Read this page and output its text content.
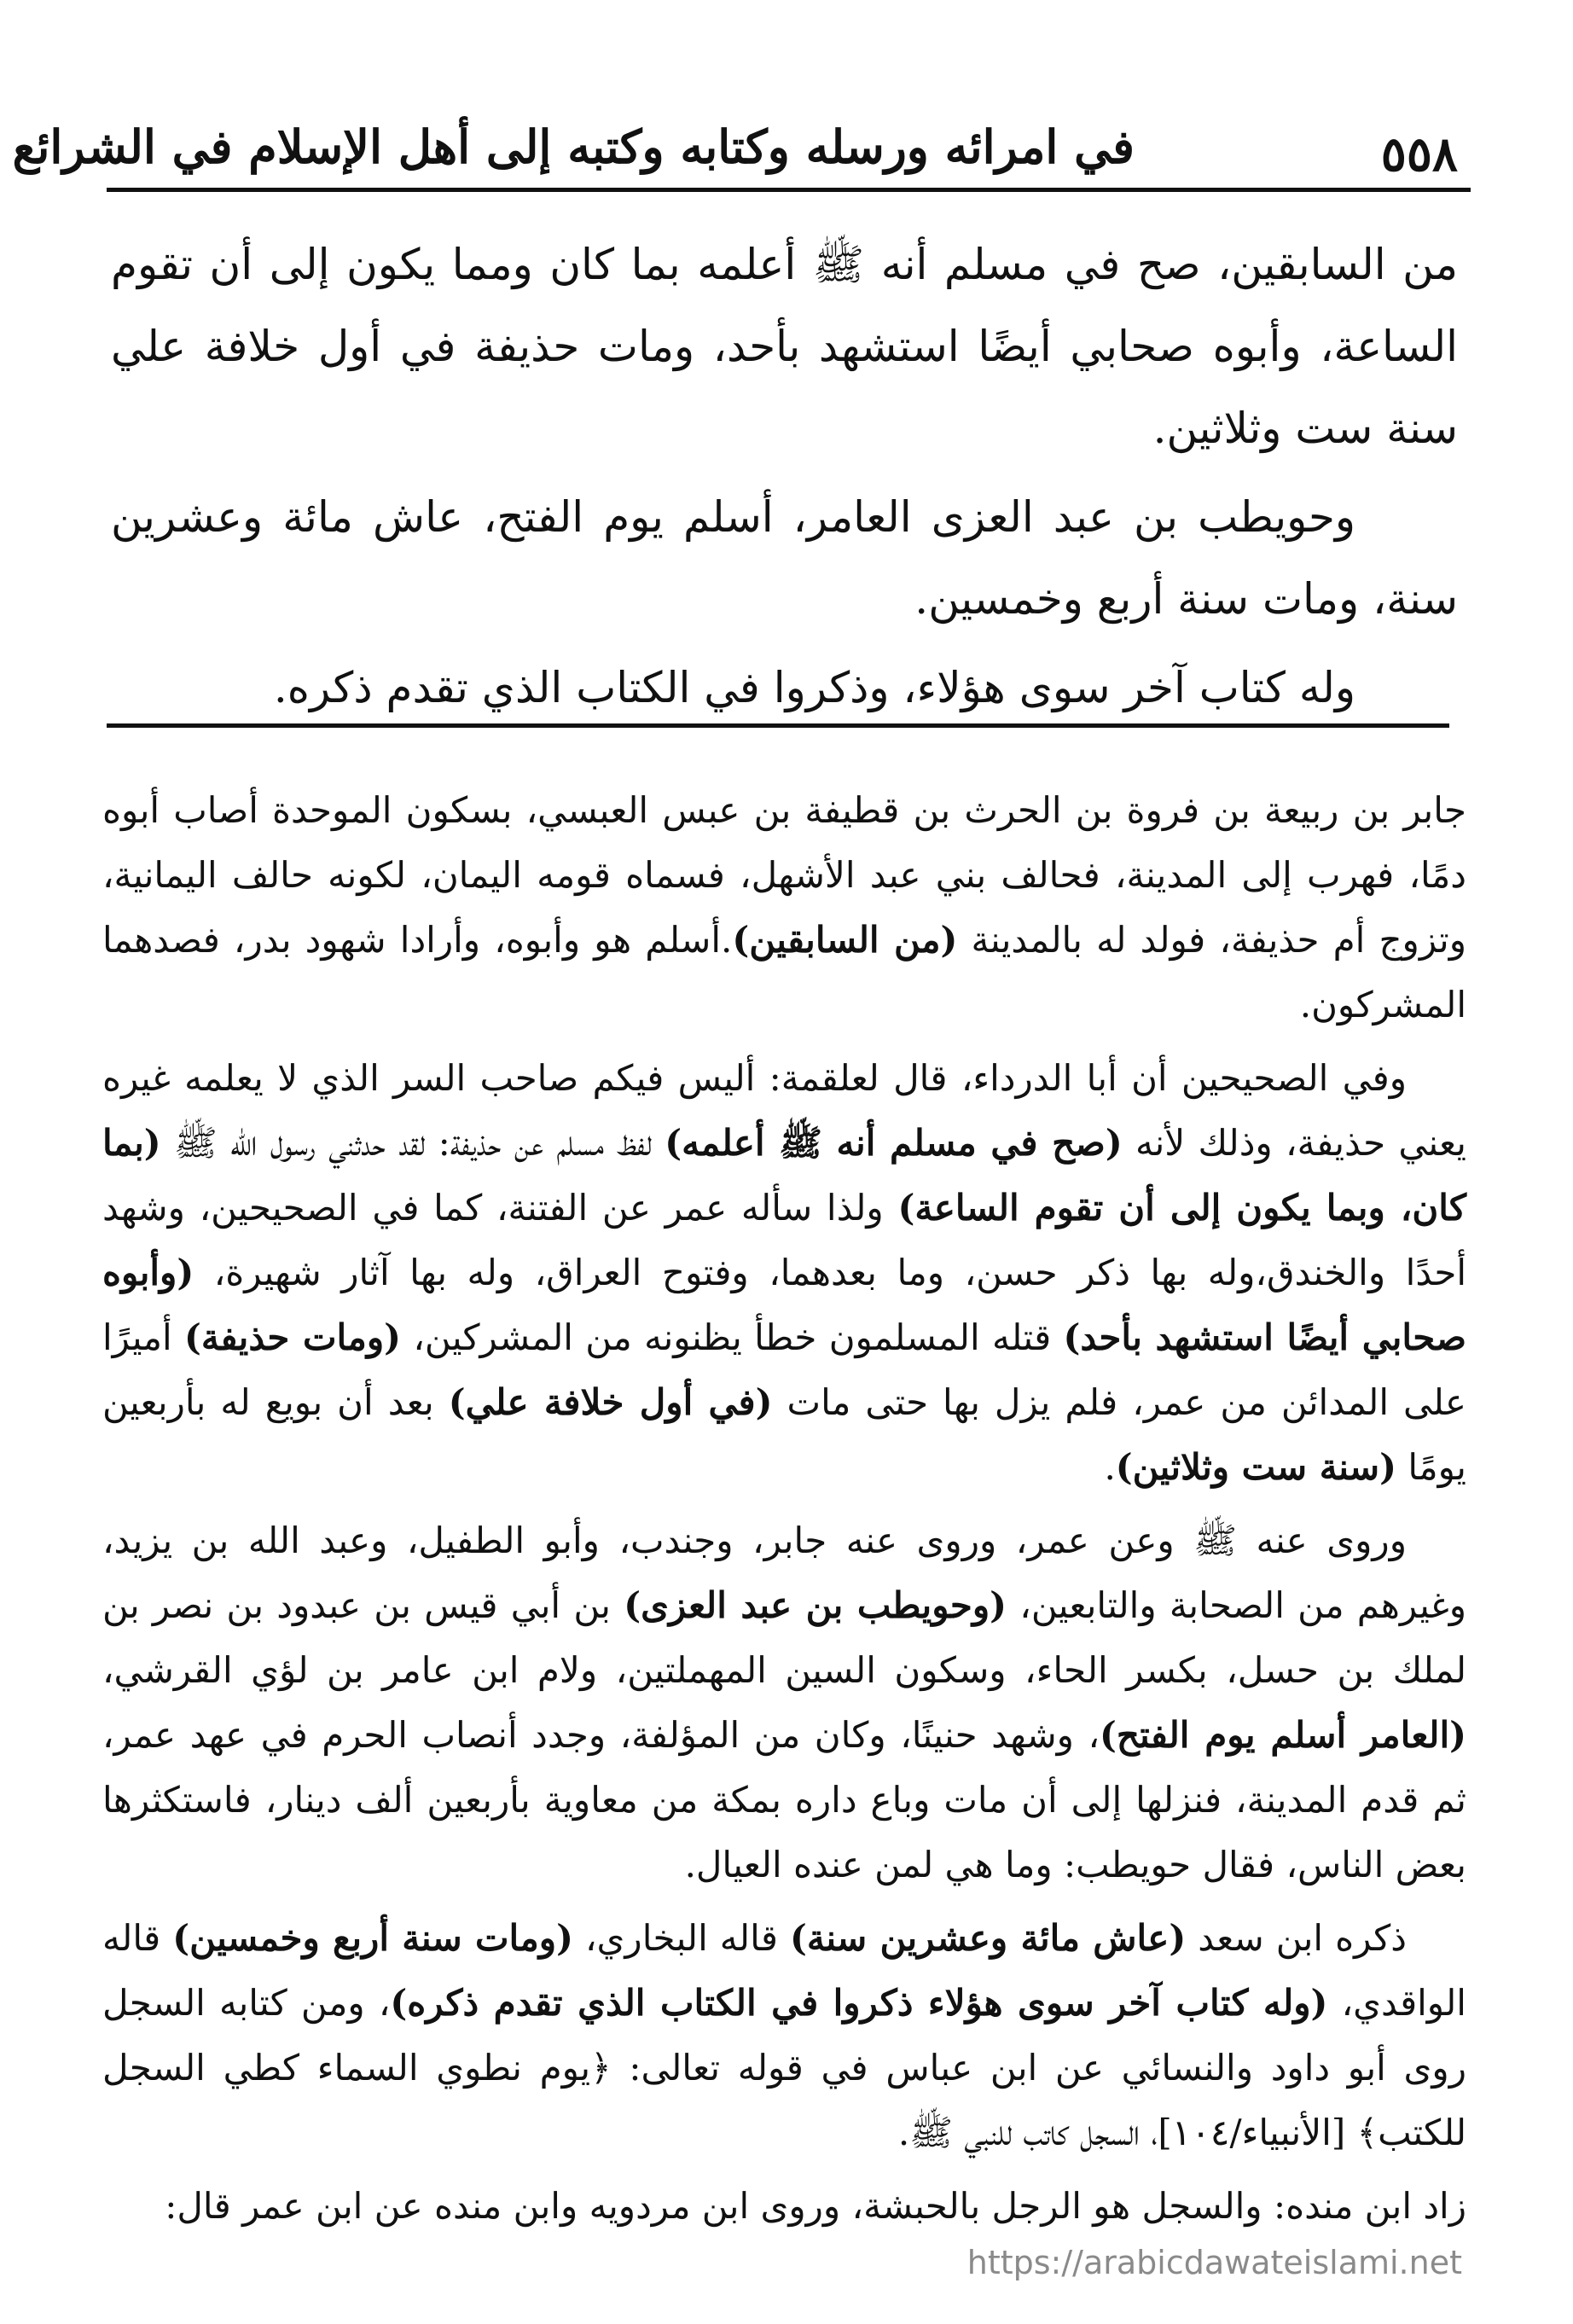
٥٥٨
في امرائه ورسله وكتابه وكتبه إلى أهل الإسلام في الشرائع

من السابقين، صح في مسلم أنه ﷺ أعلمه بما كان ومما يكون إلى أن تقوم الساعة، وأبوه صحابي أيضًا استشهد بأحد، ومات حذيفة في أول خلافة علي سنة ست وثلاثين.

وحويطب بن عبد العزى العامر، أسلم يوم الفتح، عاش مائة وعشرين سنة، ومات سنة أربع وخمسين.

وله كتاب آخر سوى هؤلاء، وذكروا في الكتاب الذي تقدم ذكره.

جابر بن ربيعة بن فروة بن الحرث بن قطيفة بن عبس العبسي، بسكون الموحدة أصاب أبوه دمًا، فهرب إلى المدينة، فحالف بني عبد الأشهل، فسماه قومه اليمان، لكونه حالف اليمانية، وتزوج أم حذيفة، فولد له بالمدينة (من السابقين).أسلم هو وأبوه، وأرادا شهود بدر، فصدهما المشركون.

وفي الصحيحين أن أبا الدرداء، قال لعلقمة: أليس فيكم صاحب السر الذي لا يعلمه غيره يعني حذيفة، وذلك لأنه (صح في مسلم أنه ﷺ أعلمه) لفظ مسلم عن حذيفة: لقد حدثني رسول الله ﷺ (بما كان، وبما يكون إلى أن تقوم الساعة) ولذا سأله عمر عن الفتنة، كما في الصحيحين، وشهد أحدًا والخندق،وله بها ذكر حسن، وما بعدهما، وفتوح العراق، وله بها آثار شهيرة، (وأبوه صحابي أيضًا استشهد بأحد) قتله المسلمون خطأ يظنونه من المشركين، (ومات حذيفة) أميرًا على المدائن من عمر، فلم يزل بها حتى مات (في أول خلافة علي) بعد أن بويع له بأربعين يومًا (سنة ست وثلاثين).

وروى عنه ﷺ وعن عمر، وروى عنه جابر، وجندب، وأبو الطفيل، وعبد الله بن يزيد، وغيرهم من الصحابة والتابعين، (وحويطب بن عبد العزى) بن أبي قيس بن عبدود بن نصر بن لملك بن حسل، بكسر الحاء، وسكون السين المهملتين، ولام ابن عامر بن لؤي القرشي، (العامر أسلم يوم الفتح)، وشهد حنينًا، وكان من المؤلفة، وجدد أنصاب الحرم في عهد عمر، ثم قدم المدينة، فنزلها إلى أن مات وباع داره بمكة من معاوية بأربعين ألف دينار، فاستكثرها بعض الناس، فقال حويطب: وما هي لمن عنده العيال.

ذكره ابن سعد (عاش مائة وعشرين سنة) قاله البخاري، (ومات سنة أربع وخمسين) قاله الواقدي، (وله كتاب آخر سوى هؤلاء ذكروا في الكتاب الذي تقدم ذكره)، ومن كتابه السجل روى أبو داود والنسائي عن ابن عباس في قوله تعالى: ﴿يوم نطوي السماء كطي السجل للكتب﴾ [الأنبياء/١٠٤]، السجل كاتب للنبي ﷺ.

زاد ابن منده: والسجل هو الرجل بالحبشة، وروى ابن مردويه وابن منده عن ابن عمر قال:

https://arabicdawateislami.net
